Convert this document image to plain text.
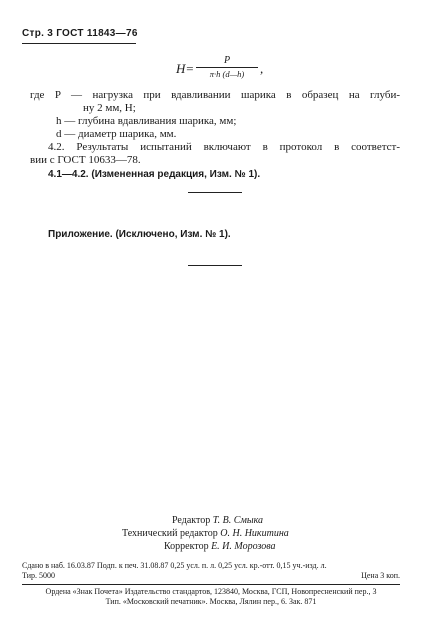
Стр. 3 ГОСТ 11843—76
H=
P
π·h (d—h)	,
где P — нагрузка при вдавливании шарика в образец на глуби-
ну 2 мм, Н;
h — глубина вдавливания шарика, мм;
d — диаметр шарика, мм.
4.2. Результаты испытаний включают в протокол в соответст-
вии с ГОСТ 10633—78.
4.1—4.2. (Измененная редакция, Изм. № 1).
Приложение. (Исключено, Изм. № 1).
Редактор Т. В. Смыка
Технический редактор О. Н. Никитина
Корректор Е. И. Морозова
Сдано в наб. 16.03.87 Подп. к печ. 31.08.87 0,25 усл. п. л. 0,25 усл. кр.-отт. 0,15 уч.-изд. л.
Тир. 5000	Цена 3 коп.
Ордена «Знак Почета» Издательство стандартов, 123840, Москва, ГСП, Новопресненский пер., 3
Тип. «Московский печатник». Москва, Лялин пер., 6. Зак. 871
